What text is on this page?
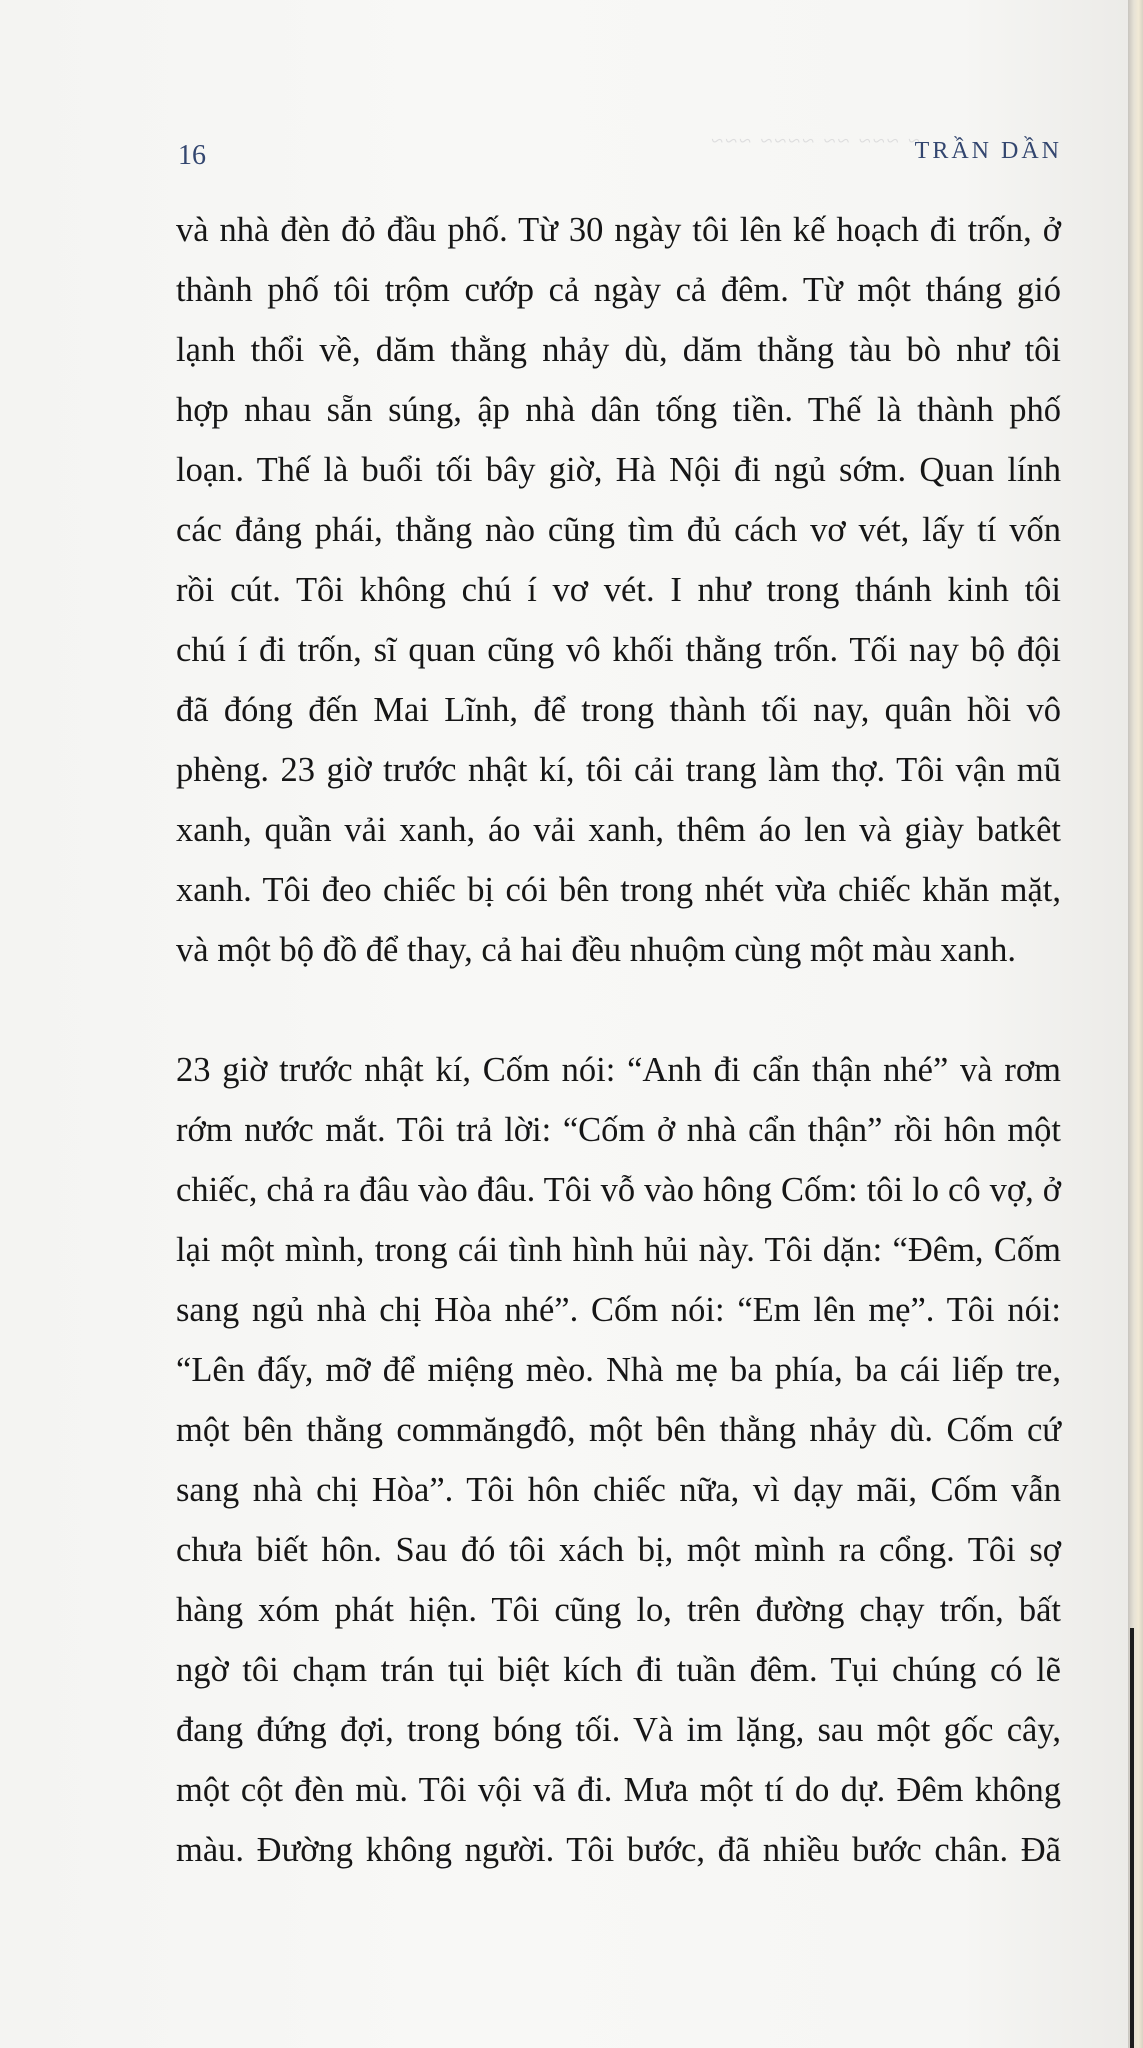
~ ~~~ ~~ ~~~~ ~~~
16	TRẦN DẦN
và nhà đèn đỏ đầu phố. Từ 30 ngày tôi lên kế hoạch đi trốn, ở
thành phố tôi trộm cướp cả ngày cả đêm. Từ một tháng gió
lạnh thổi về, dăm thằng nhảy dù, dăm thằng tàu bò như tôi
hợp nhau sẵn súng, ập nhà dân tống tiền. Thế là thành phố
loạn. Thế là buổi tối bây giờ, Hà Nội đi ngủ sớm. Quan lính
các đảng phái, thằng nào cũng tìm đủ cách vơ vét, lấy tí vốn
rồi cút. Tôi không chú í vơ vét. I như trong thánh kinh tôi
chú í đi trốn, sĩ quan cũng vô khối thằng trốn. Tối nay bộ đội
đã đóng đến Mai Lĩnh, để trong thành tối nay, quân hồi vô
phèng. 23 giờ trước nhật kí, tôi cải trang làm thợ. Tôi vận mũ
xanh, quần vải xanh, áo vải xanh, thêm áo len và giày batkêt
xanh. Tôi đeo chiếc bị cói bên trong nhét vừa chiếc khăn mặt,
và một bộ đồ để thay, cả hai đều nhuộm cùng một màu xanh.
23 giờ trước nhật kí, Cốm nói: “Anh đi cẩn thận nhé” và rơm
rớm nước mắt. Tôi trả lời: “Cốm ở nhà cẩn thận” rồi hôn một
chiếc, chả ra đâu vào đâu. Tôi vỗ vào hông Cốm: tôi lo cô vợ, ở
lại một mình, trong cái tình hình hủi này. Tôi dặn: “Đêm, Cốm
sang ngủ nhà chị Hòa nhé”. Cốm nói: “Em lên mẹ”. Tôi nói:
“Lên đấy, mỡ để miệng mèo. Nhà mẹ ba phía, ba cái liếp tre,
một bên thằng commăngđô, một bên thằng nhảy dù. Cốm cứ
sang nhà chị Hòa”. Tôi hôn chiếc nữa, vì dạy mãi, Cốm vẫn
chưa biết hôn. Sau đó tôi xách bị, một mình ra cổng. Tôi sợ
hàng xóm phát hiện. Tôi cũng lo, trên đường chạy trốn, bất
ngờ tôi chạm trán tụi biệt kích đi tuần đêm. Tụi chúng có lẽ
đang đứng đợi, trong bóng tối. Và im lặng, sau một gốc cây,
một cột đèn mù. Tôi vội vã đi. Mưa một tí do dự. Đêm không
màu. Đường không người. Tôi bước, đã nhiều bước chân. Đã
